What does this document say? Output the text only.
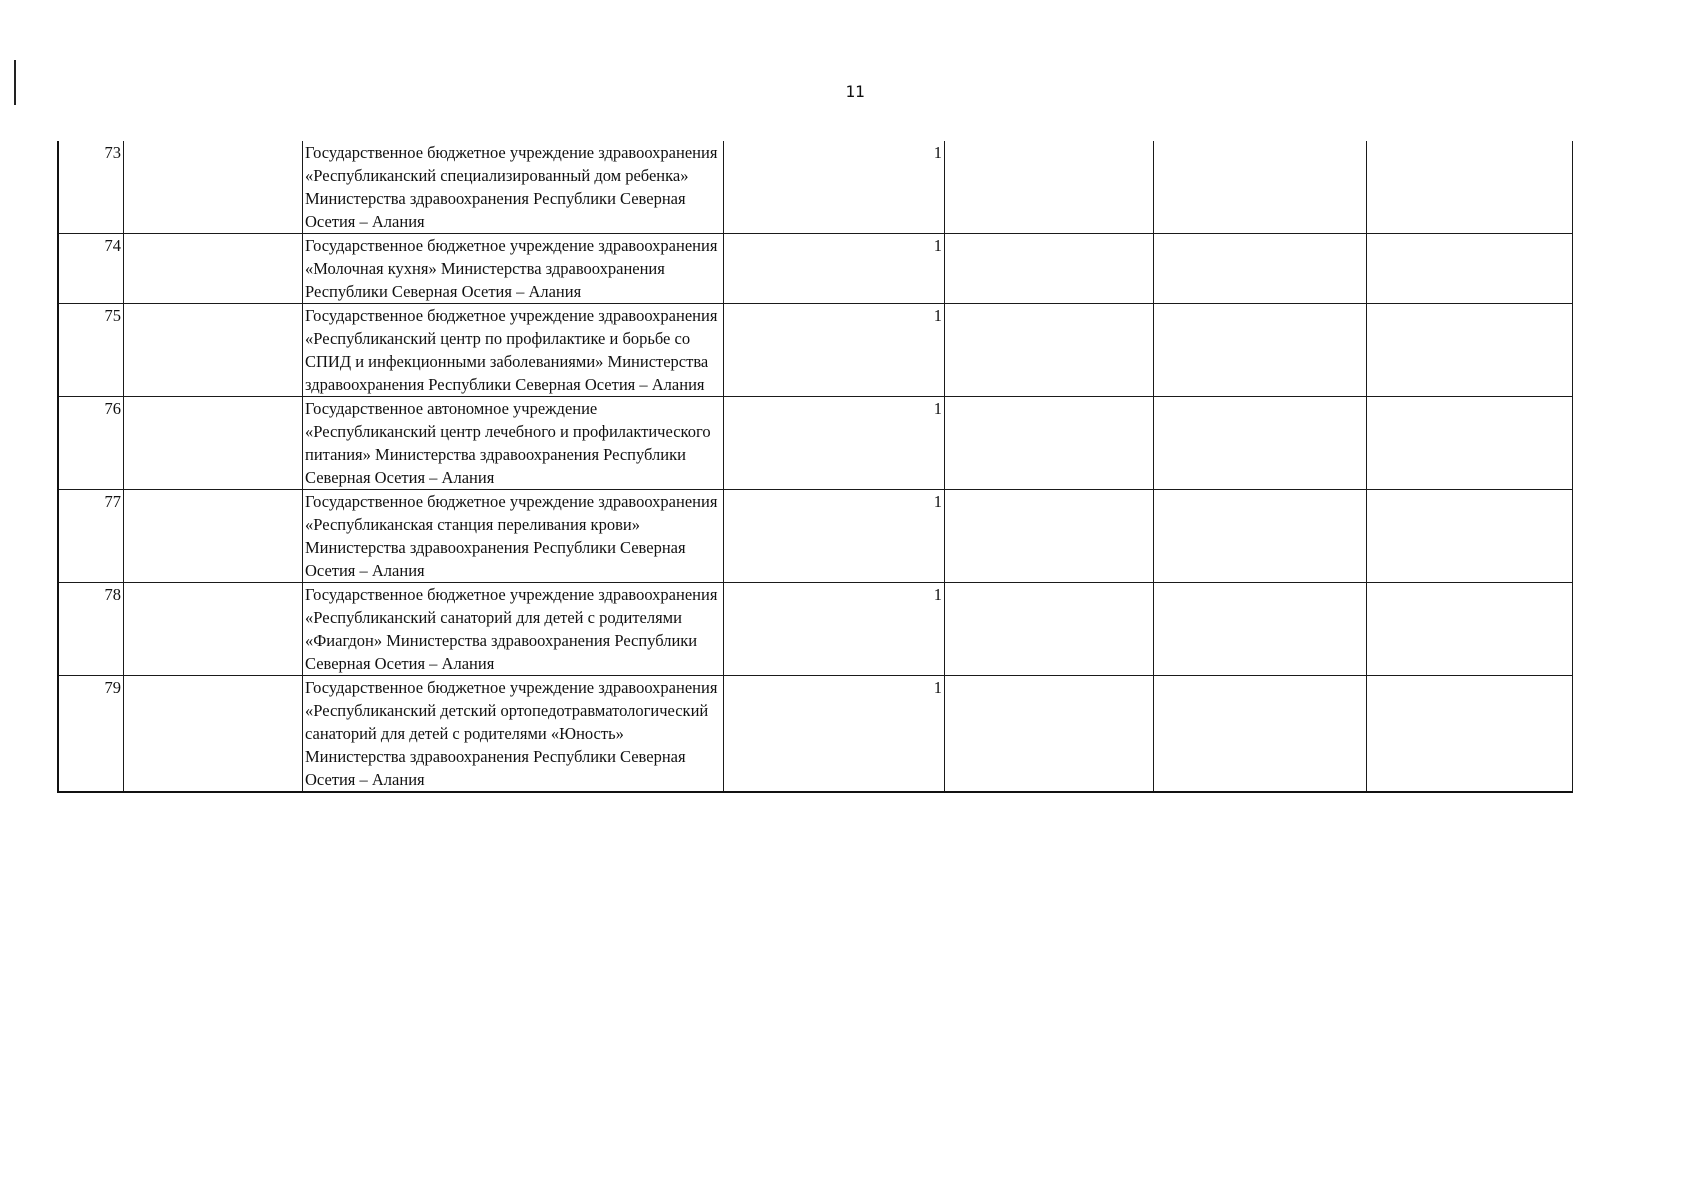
11
73		Государственное бюджетное учреждение здравоохранения «Республиканский специализированный дом ребенка» Министерства здравоохранения Республики Северная Осетия – Алания	1			
74		Государственное бюджетное учреждение здравоохранения «Молочная кухня» Министерства здравоохранения Республики Северная Осетия – Алания	1			
75		Государственное бюджетное учреждение здравоохранения «Республиканский центр по профилактике и борьбе со СПИД и инфекционными заболеваниями» Министерства здравоохранения Республики Северная Осетия – Алания	1			
76		Государственное автономное учреждение «Республиканский центр лечебного и профилактического питания» Министерства здравоохранения Республики Северная Осетия – Алания	1			
77		Государственное бюджетное учреждение здравоохранения «Республиканская станция переливания крови» Министерства здравоохранения Республики Северная Осетия – Алания	1			
78		Государственное бюджетное учреждение здравоохранения «Республиканский санаторий для детей с родителями «Фиагдон» Министерства здравоохранения Республики Северная Осетия – Алания	1			
79		Государственное бюджетное учреждение здравоохранения «Республиканский детский ортопедотравматологический санаторий для детей с родителями «Юность» Министерства здравоохранения Республики Северная Осетия – Алания	1			
